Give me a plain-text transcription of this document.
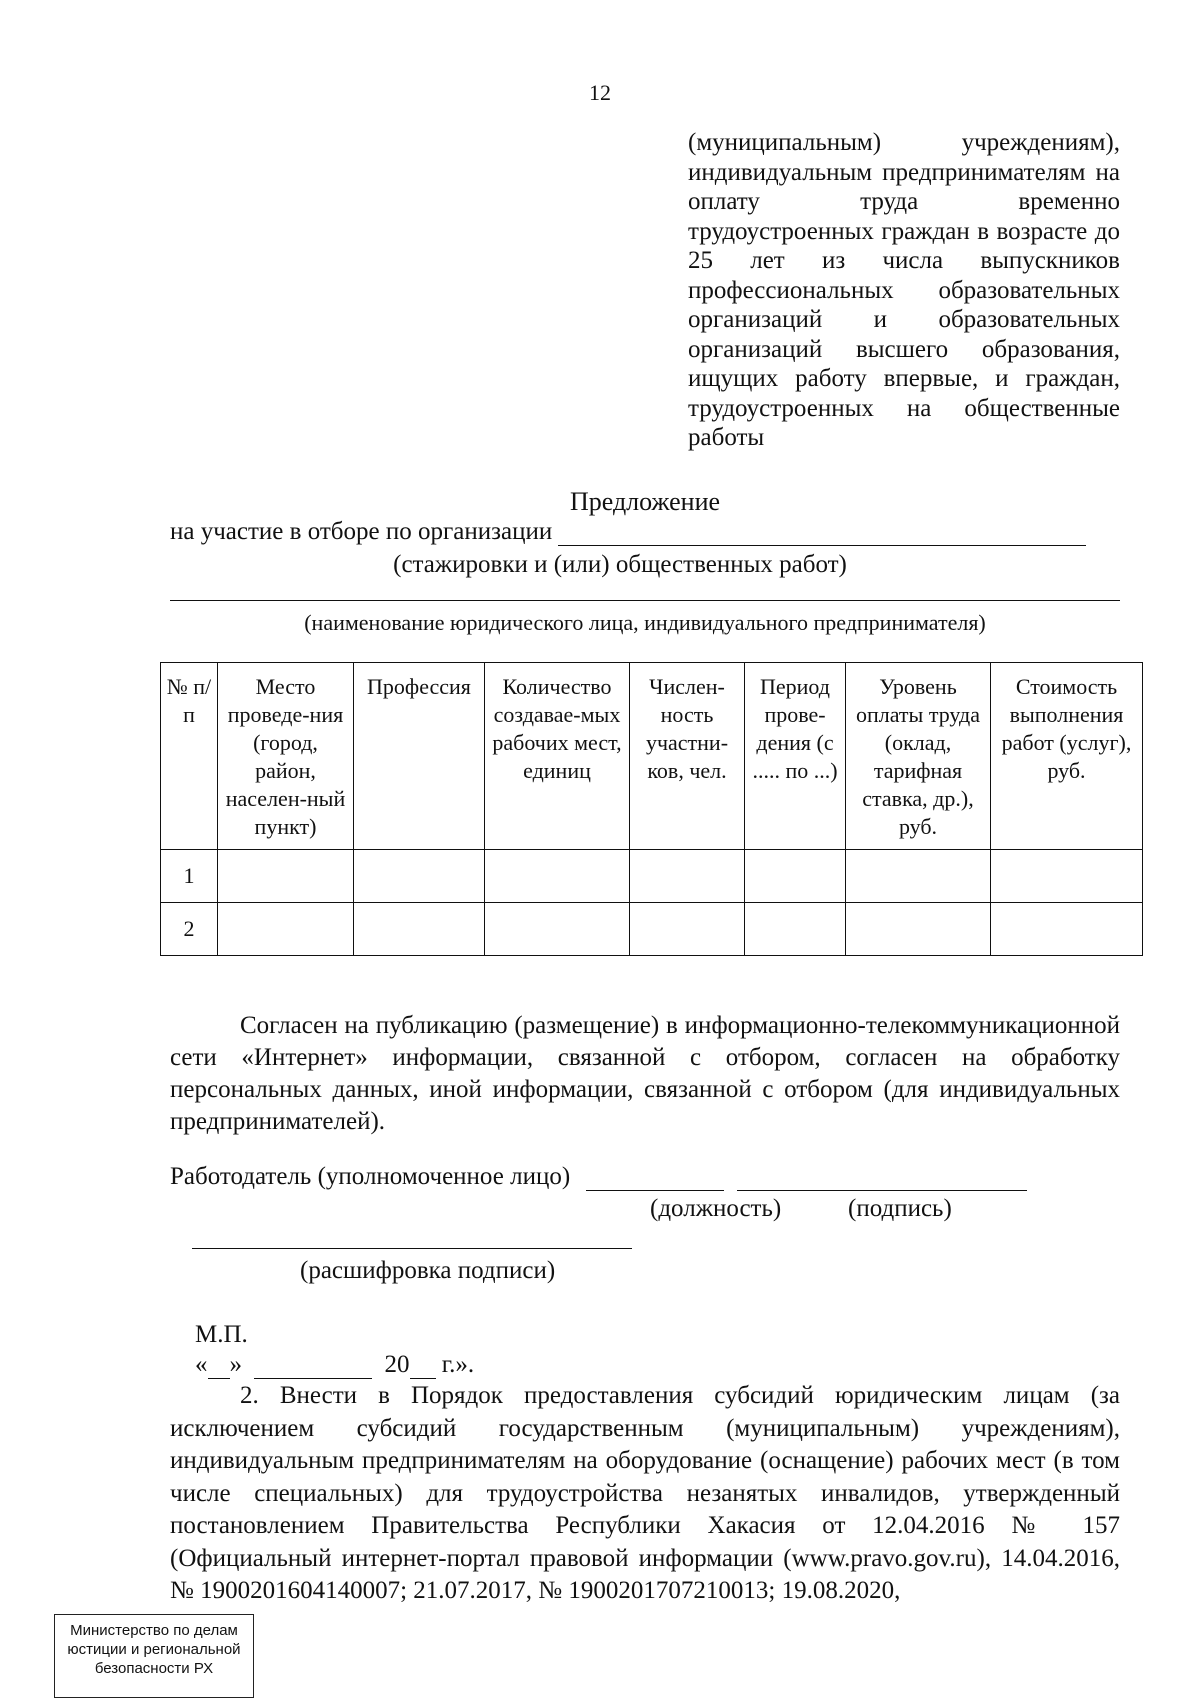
12
(муниципальным) учреждениям), индивидуальным предпринимателям на оплату труда временно трудоустроенных граждан в возрасте до 25 лет из числа выпускников профессиональных образовательных организаций и образовательных организаций высшего образования, ищущих работу впервые, и граждан, трудоустроенных на общественные работы
Предложение
на участие в отборе по организации
(стажировки и (или) общественных работ)
(наименование юридического лица, индивидуального предпринимателя)
№ п/п	Место проведе-ния (город, район, населен-ный пункт)	Профессия	Количество создавае-мых рабочих мест, единиц	Числен-ность участни-ков, чел.	Период прове-дения (с ..... по ...)	Уровень оплаты труда (оклад, тарифная ставка, др.), руб.	Стоимость выполнения работ (услуг), руб.
1							
2							
Согласен на публикацию (размещение) в информационно-телекоммуникационной сети «Интернет» информации, связанной с отбором, согласен на обработку персональных данных, иной информации, связанной с отбором (для индивидуальных предпринимателей).
Работодатель (уполномоченное лицо)
(должность)	(подпись)
(расшифровка подписи)
М.П.
« »	20 г.».
2. Внести в Порядок предоставления субсидий юридическим лицам (за исключением субсидий государственным (муниципальным) учреждениям), индивидуальным предпринимателям на оборудование (оснащение) рабочих мест (в том числе специальных) для трудоустройства незанятых инвалидов, утвержденный постановлением Правительства Республики Хакасия от 12.04.2016 № 157 (Официальный интернет-портал правовой информации (www.pravo.gov.ru), 14.04.2016, № 1900201604140007; 21.07.2017, № 1900201707210013; 19.08.2020,
Министерство по делам
юстиции и региональной
безопасности РХ
